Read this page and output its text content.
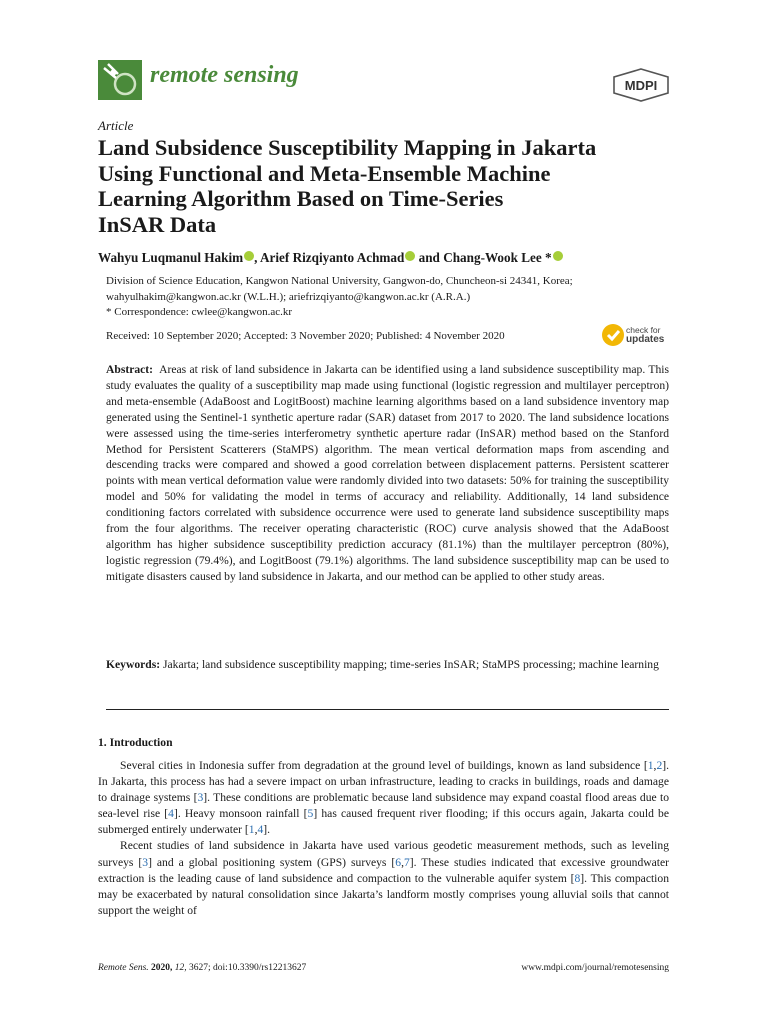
remote sensing	MDPI
Article
Land Subsidence Susceptibility Mapping in Jakarta
Using Functional and Meta-Ensemble Machine
Learning Algorithm Based on Time-Series
InSAR Data
Wahyu Luqmanul Hakim , Arief Rizqiyanto Achmad and Chang-Wook Lee *
Division of Science Education, Kangwon National University, Gangwon-do, Chuncheon-si 24341, Korea;
wahyulhakim@kangwon.ac.kr (W.L.H.); ariefrizqiyanto@kangwon.ac.kr (A.R.A.)
* Correspondence: cwlee@kangwon.ac.kr
Received: 10 September 2020; Accepted: 3 November 2020; Published: 4 November 2020	check for
updates
Abstract: Areas at risk of land subsidence in Jakarta can be identified using a land subsidence susceptibility map. This study evaluates the quality of a susceptibility map made using functional (logistic regression and multilayer perceptron) and meta-ensemble (AdaBoost and LogitBoost) machine learning algorithms based on a land subsidence inventory map generated using the Sentinel-1 synthetic aperture radar (SAR) dataset from 2017 to 2020. The land subsidence locations were assessed using the time-series interferometry synthetic aperture radar (InSAR) method based on the Stanford Method for Persistent Scatterers (StaMPS) algorithm. The mean vertical deformation maps from ascending and descending tracks were compared and showed a good correlation between displacement patterns. Persistent scatterer points with mean vertical deformation value were randomly divided into two datasets: 50% for training the susceptibility model and 50% for validating the model in terms of accuracy and reliability. Additionally, 14 land subsidence conditioning factors correlated with subsidence occurrence were used to generate land subsidence susceptibility maps from the four algorithms. The receiver operating characteristic (ROC) curve analysis showed that the AdaBoost algorithm has higher subsidence susceptibility prediction accuracy (81.1%) than the multilayer perceptron (80%), logistic regression (79.4%), and LogitBoost (79.1%) algorithms. The land subsidence susceptibility map can be used to mitigate disasters caused by land subsidence in Jakarta, and our method can be applied to other study areas.
Keywords: Jakarta; land subsidence susceptibility mapping; time-series InSAR; StaMPS processing; machine learning
1. Introduction

Several cities in Indonesia suffer from degradation at the ground level of buildings, known as land subsidence [1,2]. In Jakarta, this process has had a severe impact on urban infrastructure, leading to cracks in buildings, roads and damage to drainage systems [3]. These conditions are problematic because land subsidence may expand coastal flood areas due to sea-level rise [4]. Heavy monsoon rainfall [5] has caused frequent river flooding; if this occurs again, Jakarta could be submerged entirely underwater [1,4].

Recent studies of land subsidence in Jakarta have used various geodetic measurement methods, such as leveling surveys [3] and a global positioning system (GPS) surveys [6,7]. These studies indicated that excessive groundwater extraction is the leading cause of land subsidence and compaction to the vulnerable aquifer system [8]. This compaction may be exacerbated by natural consolidation since Jakarta’s landform mostly comprises young alluvial soils that cannot support the weight of

Remote Sens. 2020, 12, 3627; doi:10.3390/rs12213627	www.mdpi.com/journal/remotesensing
